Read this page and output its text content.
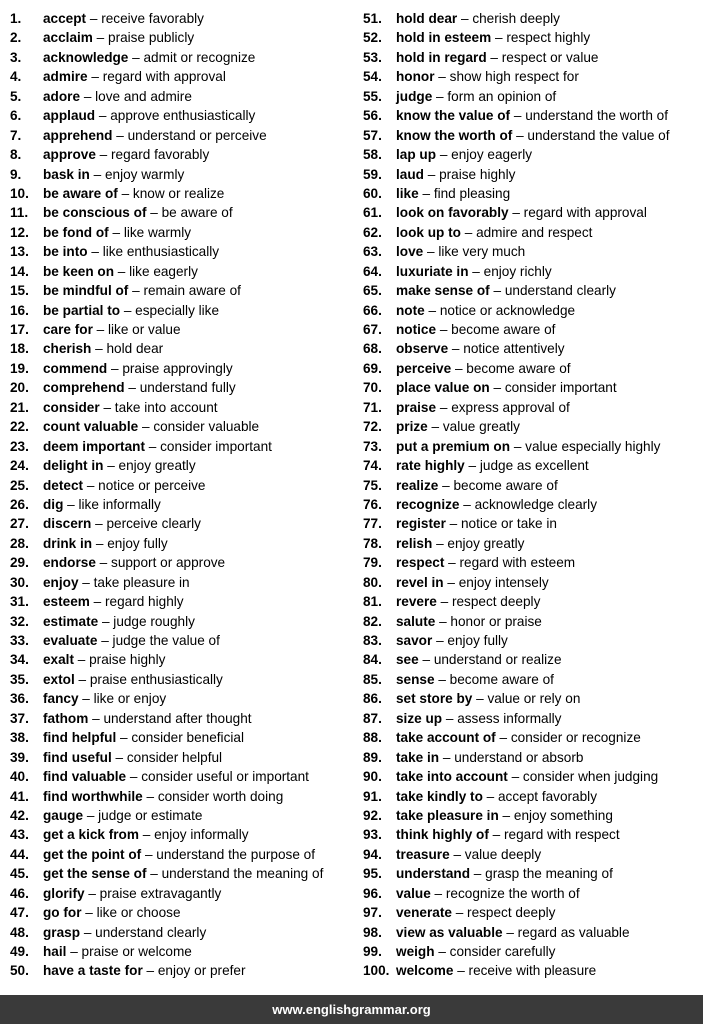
1. accept – receive favorably
2. acclaim – praise publicly
3. acknowledge – admit or recognize
4. admire – regard with approval
5. adore – love and admire
6. applaud – approve enthusiastically
7. apprehend – understand or perceive
8. approve – regard favorably
9. bask in – enjoy warmly
10. be aware of – know or realize
11. be conscious of – be aware of
12. be fond of – like warmly
13. be into – like enthusiastically
14. be keen on – like eagerly
15. be mindful of – remain aware of
16. be partial to – especially like
17. care for – like or value
18. cherish – hold dear
19. commend – praise approvingly
20. comprehend – understand fully
21. consider – take into account
22. count valuable – consider valuable
23. deem important – consider important
24. delight in – enjoy greatly
25. detect – notice or perceive
26. dig – like informally
27. discern – perceive clearly
28. drink in – enjoy fully
29. endorse – support or approve
30. enjoy – take pleasure in
31. esteem – regard highly
32. estimate – judge roughly
33. evaluate – judge the value of
34. exalt – praise highly
35. extol – praise enthusiastically
36. fancy – like or enjoy
37. fathom – understand after thought
38. find helpful – consider beneficial
39. find useful – consider helpful
40. find valuable – consider useful or important
41. find worthwhile – consider worth doing
42. gauge – judge or estimate
43. get a kick from – enjoy informally
44. get the point of – understand the purpose of
45. get the sense of – understand the meaning of
46. glorify – praise extravagantly
47. go for – like or choose
48. grasp – understand clearly
49. hail – praise or welcome
50. have a taste for – enjoy or prefer
51. hold dear – cherish deeply
52. hold in esteem – respect highly
53. hold in regard – respect or value
54. honor – show high respect for
55. judge – form an opinion of
56. know the value of – understand the worth of
57. know the worth of – understand the value of
58. lap up – enjoy eagerly
59. laud – praise highly
60. like – find pleasing
61. look on favorably – regard with approval
62. look up to – admire and respect
63. love – like very much
64. luxuriate in – enjoy richly
65. make sense of – understand clearly
66. note – notice or acknowledge
67. notice – become aware of
68. observe – notice attentively
69. perceive – become aware of
70. place value on – consider important
71. praise – express approval of
72. prize – value greatly
73. put a premium on – value especially highly
74. rate highly – judge as excellent
75. realize – become aware of
76. recognize – acknowledge clearly
77. register – notice or take in
78. relish – enjoy greatly
79. respect – regard with esteem
80. revel in – enjoy intensely
81. revere – respect deeply
82. salute – honor or praise
83. savor – enjoy fully
84. see – understand or realize
85. sense – become aware of
86. set store by – value or rely on
87. size up – assess informally
88. take account of – consider or recognize
89. take in – understand or absorb
90. take into account – consider when judging
91. take kindly to – accept favorably
92. take pleasure in – enjoy something
93. think highly of – regard with respect
94. treasure – value deeply
95. understand – grasp the meaning of
96. value – recognize the worth of
97. venerate – respect deeply
98. view as valuable – regard as valuable
99. weigh – consider carefully
100. welcome – receive with pleasure
www.englishgrammar.org
